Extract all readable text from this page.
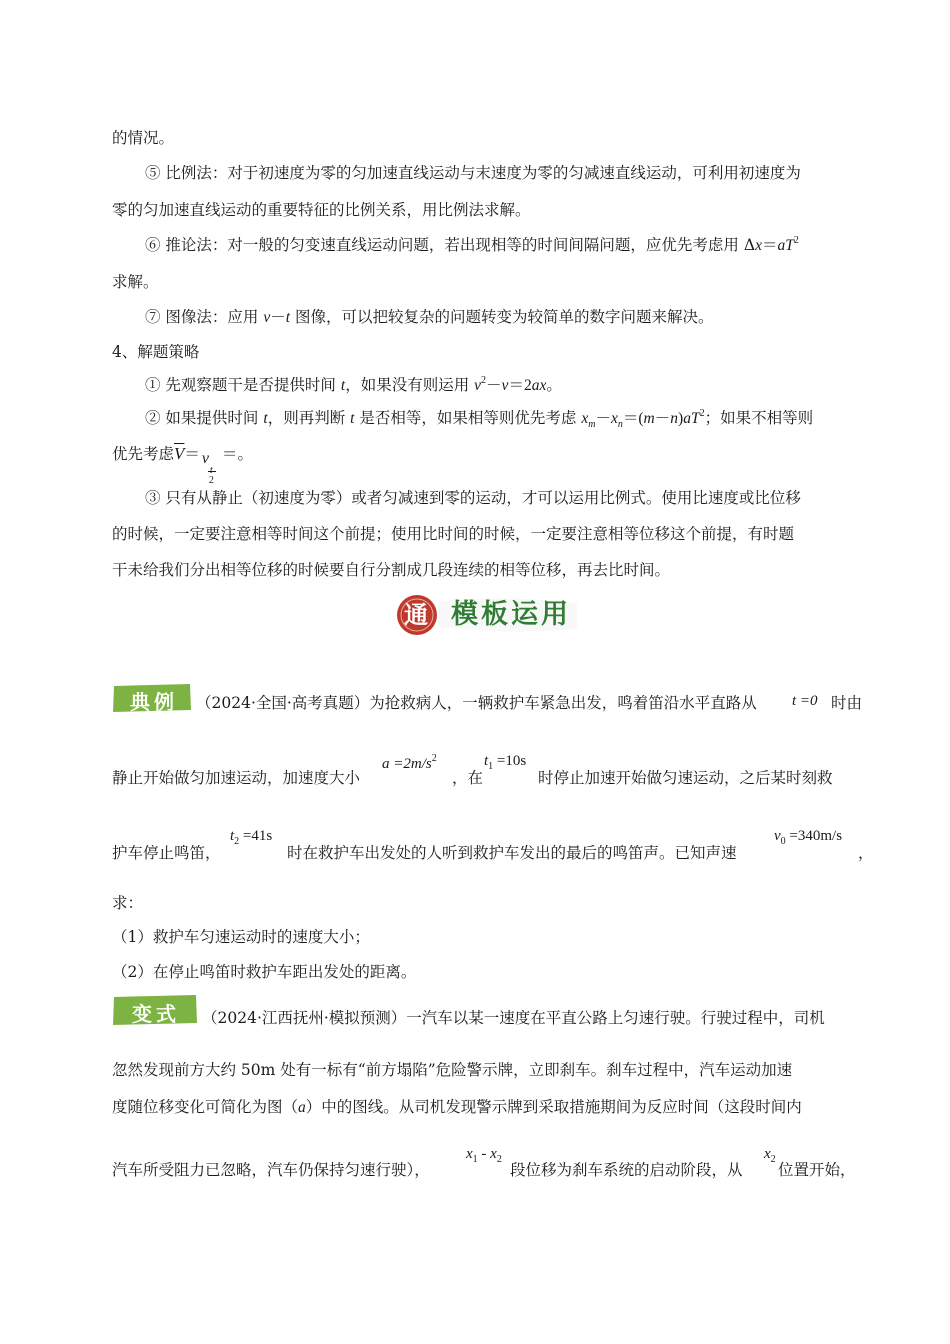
的情况。
⑤ 比例法：对于初速度为零的匀加速直线运动与末速度为零的匀减速直线运动，可利用初速度为
零的匀加速直线运动的重要特征的比例关系，用比例法求解。
⑥ 推论法：对一般的匀变速直线运动问题，若出现相等的时间间隔问题，应优先考虑用 $\Delta x=aT^2$
求解。
⑦ 图像法：应用 v－t 图像，可以把较复杂的问题转变为较简单的数字问题来解决。
4、解题策略
① 先观察题干是否提供时间 t，如果没有则运用 $v^2-v=2ax$。
② 如果提供时间 t，则再判断 t 是否相等，如果相等则优先考虑 $x_m-x_n=(m-n)aT^2$；如果不相等则
优先考虑$\overline{V}= v$
t
2
＝。
③ 只有从静止（初速度为零）或者匀减速到零的运动，才可以运用比例式。使用比速度或比位移
的时候，一定要注意相等时间这个前提；使用比时间的时候，一定要注意相等位移这个前提，有时题
干未给我们分出相等位移的时候要自行分割成几段连续的相等位移，再去比时间。
通 模板运用
典例 （2024·全国·高考真题）为抢救病人，一辆救护车紧急出发，鸣着笛沿水平直路从 t =0 时由
静止开始做匀加速运动，加速度大小
$a =2m/s^2$
，在
$t_1 =10s$
时停止加速开始做匀速运动，之后某时刻救
护车停止鸣笛，
$t_2 =41s$
时在救护车出发处的人听到救护车发出的最后的鸣笛声。已知声速
$v_0 =340m/s$
，
求：
（1）救护车匀速运动时的速度大小；
（2）在停止鸣笛时救护车距出发处的距离。
变式 （2024·江西抚州·模拟预测）一汽车以某一速度在平直公路上匀速行驶。行驶过程中，司机
忽然发现前方大约 50m 处有一标有“前方塌陷”危险警示牌，立即刹车。刹车过程中，汽车运动加速
度随位移变化可简化为图（a）中的图线。从司机发现警示牌到采取措施期间为反应时间（这段时间内
汽车所受阻力已忽略，汽车仍保持匀速行驶），
$x_1 - x_2$
段位移为刹车系统的启动阶段，从
$x_2$
位置开始，
